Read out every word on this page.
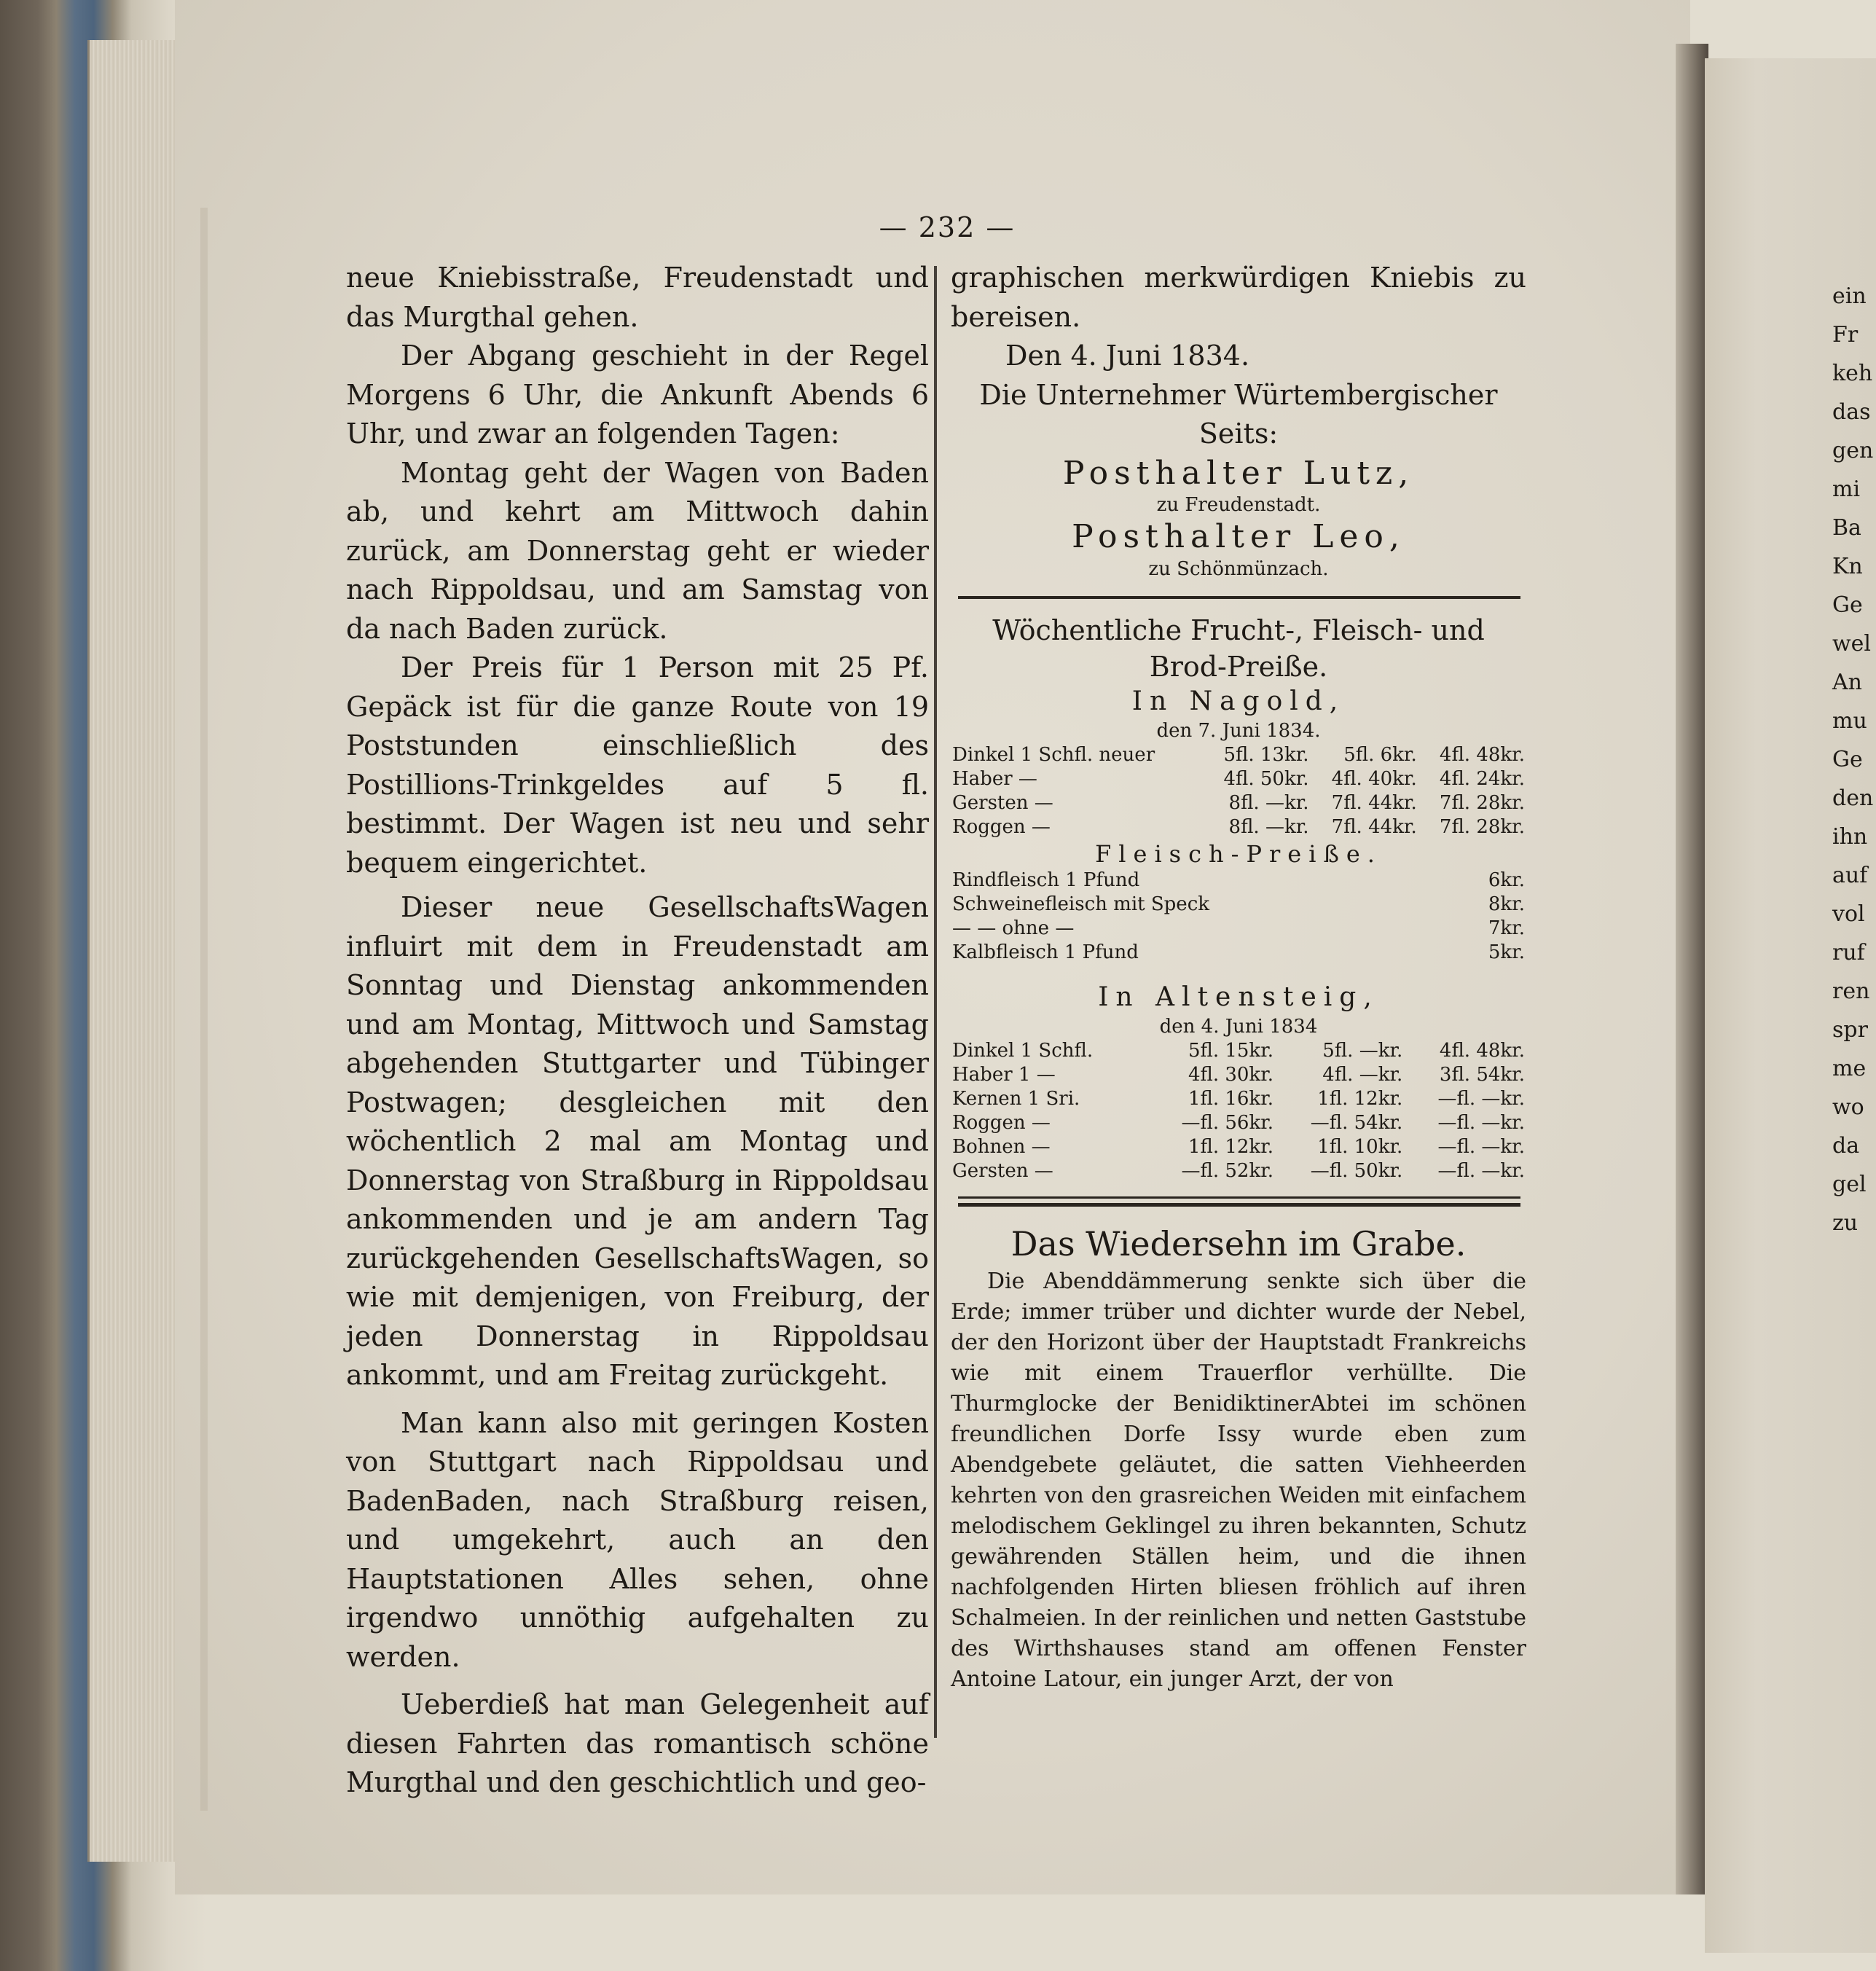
— 232 —

neue Kniebisstraße, Freudenstadt und das Murgthal gehen.

Der Abgang geschieht in der Regel Morgens 6 Uhr, die Ankunft Abends 6 Uhr, und zwar an folgenden Tagen:

Montag geht der Wagen von Baden ab, und kehrt am Mittwoch dahin zurück, am Donnerstag geht er wieder nach Rippoldsau, und am Samstag von da nach Baden zurück.

Der Preis für 1 Person mit 25 Pf. Gepäck ist für die ganze Route von 19 Poststunden einschließlich des Postillions-Trinkgeldes auf 5 fl. bestimmt. Der Wagen ist neu und sehr bequem eingerichtet.

Dieser neue GesellschaftsWagen influirt mit dem in Freudenstadt am Sonntag und Dienstag ankommenden und am Montag, Mittwoch und Samstag abgehenden Stuttgarter und Tübinger Postwagen; desgleichen mit den wöchentlich 2 mal am Montag und Donnerstag von Straßburg in Rippoldsau ankommenden und je am andern Tag zurückgehenden GesellschaftsWagen, so wie mit demjenigen, von Freiburg, der jeden Donnerstag in Rippoldsau ankommt, und am Freitag zurückgeht.

Man kann also mit geringen Kosten von Stuttgart nach Rippoldsau und BadenBaden, nach Straßburg reisen, und umgekehrt, auch an den Hauptstationen Alles sehen, ohne irgendwo unnöthig aufgehalten zu werden.

Ueberdieß hat man Gelegenheit auf diesen Fahrten das romantisch schöne Murgthal und den geschichtlich und geo-

graphischen merkwürdigen Kniebis zu bereisen.

Den 4. Juni 1834.

Die Unternehmer Würtembergischer Seits:

Posthalter Lutz,

zu Freudenstadt.

Posthalter Leo,

zu Schönmünzach.

Wöchentliche Frucht-, Fleisch- und Brod-Preiße.

In Nagold,

den 7. Juni 1834.

Dinkel 1 Schfl. neuer	5fl. 13kr.	5fl. 6kr.	4fl. 48kr.
Haber —	4fl. 50kr.	4fl. 40kr.	4fl. 24kr.
Gersten —	8fl. —kr.	7fl. 44kr.	7fl. 28kr.
Roggen —	8fl. —kr.	7fl. 44kr.	7fl. 28kr.

Fleisch-Preiße.

Rindfleisch 1 Pfund	6kr.
Schweinefleisch mit Speck	8kr.
— — ohne —	7kr.
Kalbfleisch 1 Pfund	5kr.

In Altensteig,

den 4. Juni 1834

Dinkel 1 Schfl.	5fl. 15kr.	5fl. —kr.	4fl. 48kr.
Haber 1 —	4fl. 30kr.	4fl. —kr.	3fl. 54kr.
Kernen 1 Sri.	1fl. 16kr.	1fl. 12kr.	—fl. —kr.
Roggen —	—fl. 56kr.	—fl. 54kr.	—fl. —kr.
Bohnen —	1fl. 12kr.	1fl. 10kr.	—fl. —kr.
Gersten —	—fl. 52kr.	—fl. 50kr.	—fl. —kr.

Das Wiedersehn im Grabe.

Die Abenddämmerung senkte sich über die Erde; immer trüber und dichter wurde der Nebel, der den Horizont über der Hauptstadt Frankreichs wie mit einem Trauerflor verhüllte. Die Thurmglocke der BenidiktinerAbtei im schönen freundlichen Dorfe Issy wurde eben zum Abendgebete geläutet, die satten Viehheerden kehrten von den grasreichen Weiden mit einfachem melodischem Geklingel zu ihren bekannten, Schutz gewährenden Ställen heim, und die ihnen nachfolgenden Hirten bliesen fröhlich auf ihren Schalmeien. In der reinlichen und netten Gaststube des Wirthshauses stand am offenen Fenster Antoine Latour, ein junger Arzt, der von

ein
Fr
keh
das
gen
mi
Ba
Kn
Ge
wel
An
mu
Ge
den
ihn
auf
vol
ruf
ren
spr
me
wo
da
gel
zu
